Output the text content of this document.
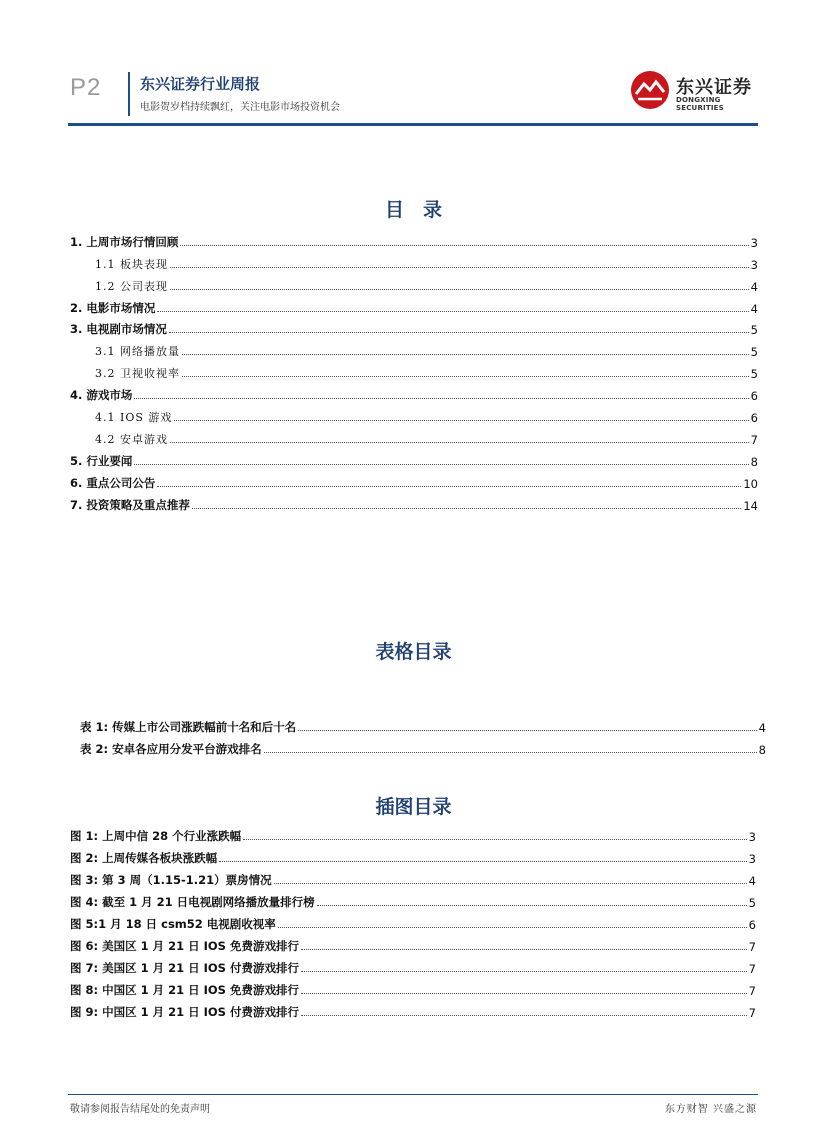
P2	东兴证券行业周报
电影贺岁档持续飘红，关注电影市场投资机会
东兴证券
DONGXING SECURITIES
目　录
1. 上周市场行情回顾	3
1.1 板块表现	3
1.2 公司表现	4
2. 电影市场情况	4
3. 电视剧市场情况	5
3.1 网络播放量	5
3.2 卫视收视率	5
4. 游戏市场	6
4.1 IOS 游戏	6
4.2 安卓游戏	7
5. 行业要闻	8
6. 重点公司公告	10
7. 投资策略及重点推荐	14
表格目录
表 1: 传媒上市公司涨跌幅前十名和后十名	4
表 2: 安卓各应用分发平台游戏排名	8
插图目录
图 1: 上周中信 28 个行业涨跌幅	3
图 2: 上周传媒各板块涨跌幅	3
图 3: 第 3 周（1.15-1.21）票房情况	4
图 4: 截至 1 月 21 日电视剧网络播放量排行榜	5
图 5:1 月 18 日 csm52 电视剧收视率	6
图 6: 美国区 1 月 21 日 IOS 免费游戏排行	7
图 7: 美国区 1 月 21 日 IOS 付费游戏排行	7
图 8: 中国区 1 月 21 日 IOS 免费游戏排行	7
图 9: 中国区 1 月 21 日 IOS 付费游戏排行	7
敬请参阅报告结尾处的免责声明	东方财智 兴盛之源
